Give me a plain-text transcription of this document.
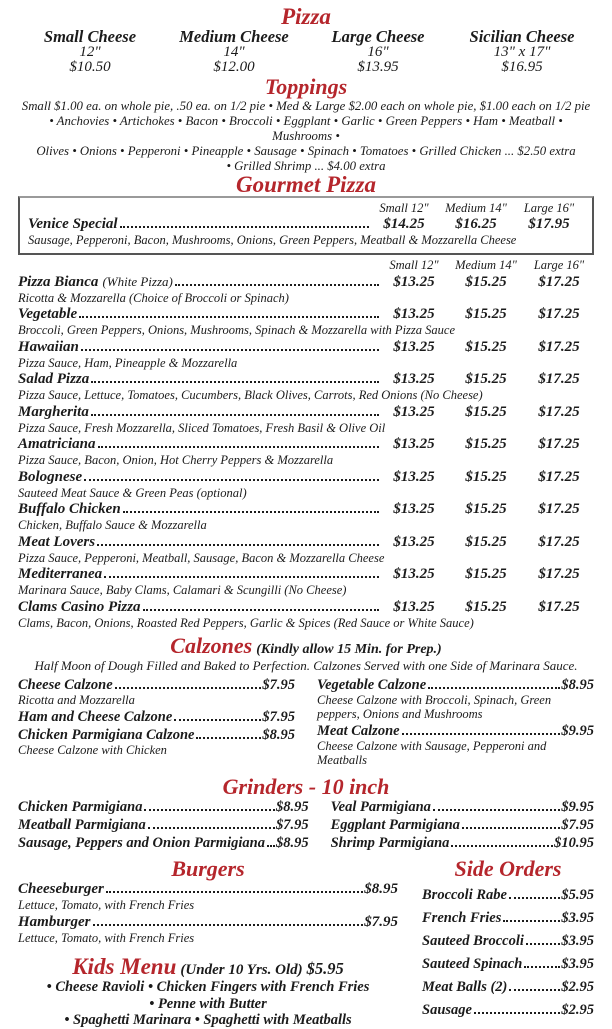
Pizza
Small Cheese
12"
$10.50
Medium Cheese
14"
$12.00
Large Cheese
16"
$13.95
Sicilian Cheese
13" x 17"
$16.95
Toppings
Small $1.00 ea. on whole pie, .50 ea. on 1/2 pie • Med & Large $2.00 each on whole pie, $1.00 each on 1/2 pie
• Anchovies • Artichokes • Bacon • Broccoli • Eggplant • Garlic • Green Peppers • Ham • Meatball • Mushrooms •
Olives • Onions • Pepperoni • Pineapple • Sausage • Spinach • Tomatoes • Grilled Chicken ... $2.50 extra
• Grilled Shrimp ... $4.00 extra
Gourmet Pizza
Small 12"	Medium 14"	Large 16"
Venice Special	$14.25	$16.25	$17.95
Sausage, Pepperoni, Bacon, Mushrooms, Onions, Green Peppers, Meatball & Mozzarella Cheese
Small 12"	Medium 14"	Large 16"
Pizza Bianca (White Pizza)	$13.25	$15.25	$17.25
Ricotta & Mozzarella (Choice of Broccoli or Spinach)
Vegetable	$13.25	$15.25	$17.25
Broccoli, Green Peppers, Onions, Mushrooms, Spinach & Mozzarella with Pizza Sauce
Hawaiian	$13.25	$15.25	$17.25
Pizza Sauce, Ham, Pineapple & Mozzarella
Salad Pizza	$13.25	$15.25	$17.25
Pizza Sauce, Lettuce, Tomatoes, Cucumbers, Black Olives, Carrots, Red Onions (No Cheese)
Margherita	$13.25	$15.25	$17.25
Pizza Sauce, Fresh Mozzarella, Sliced Tomatoes, Fresh Basil & Olive Oil
Amatriciana	$13.25	$15.25	$17.25
Pizza Sauce, Bacon, Onion, Hot Cherry Peppers & Mozzarella
Bolognese	$13.25	$15.25	$17.25
Sauteed Meat Sauce & Green Peas (optional)
Buffalo Chicken	$13.25	$15.25	$17.25
Chicken, Buffalo Sauce & Mozzarella
Meat Lovers	$13.25	$15.25	$17.25
Pizza Sauce, Pepperoni, Meatball, Sausage, Bacon & Mozzarella Cheese
Mediterranea	$13.25	$15.25	$17.25
Marinara Sauce, Baby Clams, Calamari & Scungilli (No Cheese)
Clams Casino Pizza	$13.25	$15.25	$17.25
Clams, Bacon, Onions, Roasted Red Peppers, Garlic & Spices (Red Sauce or White Sauce)
Calzones (Kindly allow 15 Min. for Prep.)
Half Moon of Dough Filled and Baked to Perfection. Calzones Served with one Side of Marinara Sauce.
Cheese Calzone	$7.95
Ricotta and Mozzarella
Ham and Cheese Calzone	$7.95
Chicken Parmigiana Calzone	$8.95
Cheese Calzone with Chicken
Vegetable Calzone	$8.95
Cheese Calzone with Broccoli, Spinach, Green peppers, Onions and Mushrooms
Meat Calzone	$9.95
Cheese Calzone with Sausage, Pepperoni and Meatballs
Grinders - 10 inch
Chicken Parmigiana	$8.95
Meatball Parmigiana	$7.95
Sausage, Peppers and Onion Parmigiana $8.95
Veal Parmigiana	$9.95
Eggplant Parmigiana	$7.95
Shrimp Parmigiana	$10.95
Burgers
Cheeseburger	$8.95
Lettuce, Tomato, with French Fries
Hamburger	$7.95
Lettuce, Tomato, with French Fries
Kids Menu (Under 10 Yrs. Old) $5.95
• Cheese Ravioli • Chicken Fingers with French Fries
• Penne with Butter
• Spaghetti Marinara • Spaghetti with Meatballs
Side Orders
Broccoli Rabe	$5.95
French Fries	$3.95
Sauteed Broccoli	$3.95
Sauteed Spinach	$3.95
Meat Balls (2)	$2.95
Sausage	$2.95
